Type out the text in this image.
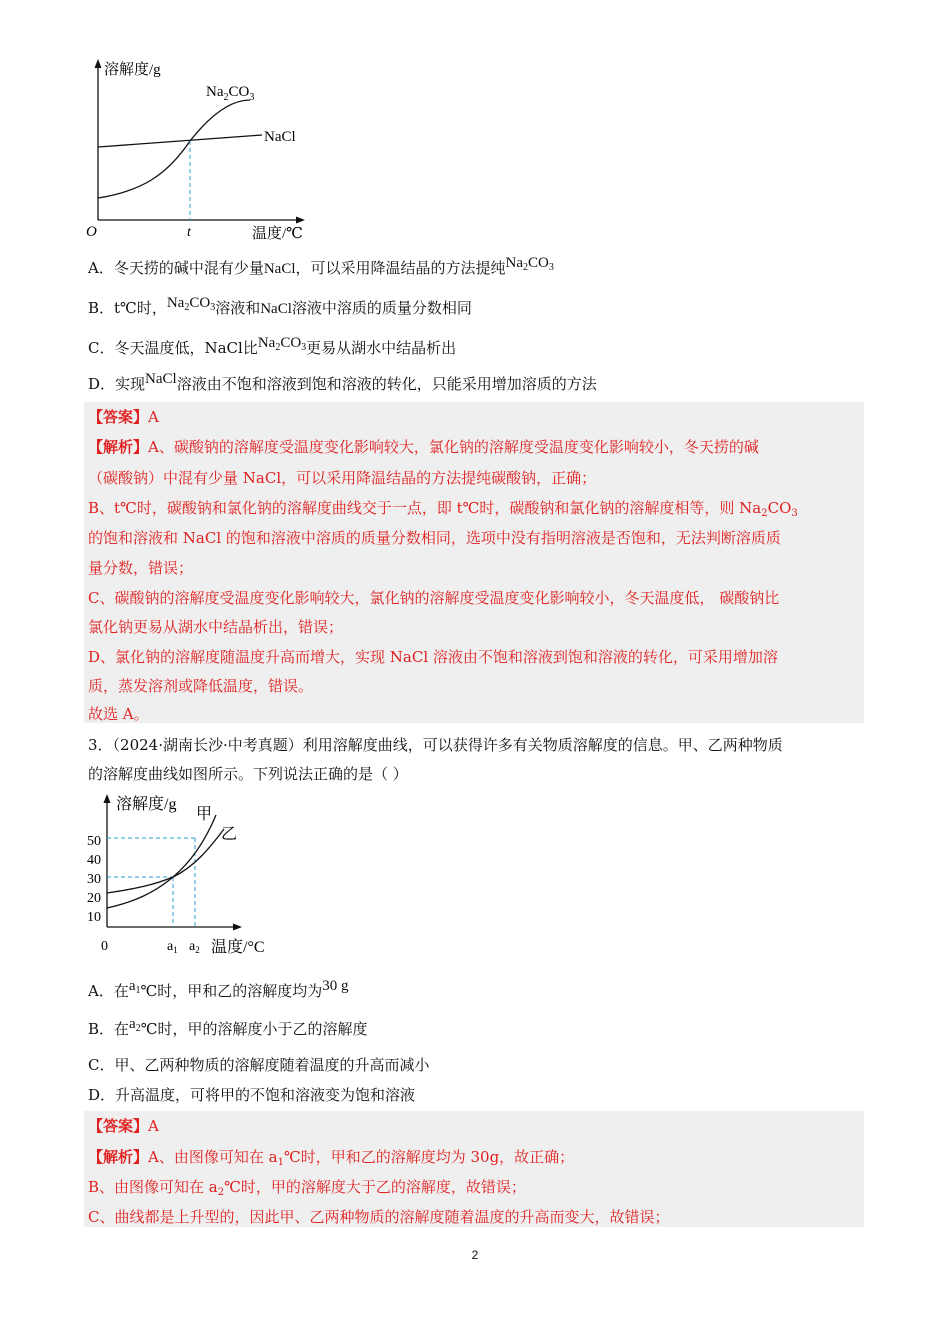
溶解度/g
O	t	温度/℃
$Na_2CO_3$
NaCl
A．冬天捞的碱中混有少量NaCl，可以采用降温结晶的方法提纯$Na_2CO_3$
B．t℃时，$Na_2CO_3$溶液和NaCl溶液中溶质的质量分数相同
C．冬天温度低，NaCl比$Na_2CO_3$更易从湖水中结晶析出
D．实现NaCl溶液由不饱和溶液到饱和溶液的转化，只能采用增加溶质的方法
【答案】A
【解析】A、碳酸钠的溶解度受温度变化影响较大，氯化钠的溶解度受温度变化影响较小，冬天捞的碱
（碳酸钠）中混有少量 NaCl，可以采用降温结晶的方法提纯碳酸钠，正确；
B、t℃时，碳酸钠和氯化钠的溶解度曲线交于一点，即 t℃时，碳酸钠和氯化钠的溶解度相等，则 $Na_2CO_3$
的饱和溶液和 NaCl 的饱和溶液中溶质的质量分数相同，选项中没有指明溶液是否饱和，无法判断溶质质
量分数，错误；
C、碳酸钠的溶解度受温度变化影响较大，氯化钠的溶解度受温度变化影响较小，冬天温度低， 碳酸钠比
氯化钠更易从湖水中结晶析出，错误；
D、氯化钠的溶解度随温度升高而增大，实现 NaCl 溶液由不饱和溶液到饱和溶液的转化，可采用增加溶
质，蒸发溶剂或降低温度，错误。
故选 A。
3．（2024·湖南长沙·中考真题）利用溶解度曲线，可以获得许多有关物质溶解度的信息。甲、乙两种物质
的溶解度曲线如图所示。下列说法正确的是（ ）
溶解度/g
50
40
30
20
10
0	$a_1$ $a_2$ 温度/°C
甲
乙
A．在$a_1℃$时，甲和乙的溶解度均为30 g
B．在$a_2℃$时，甲的溶解度小于乙的溶解度
C．甲、乙两种物质的溶解度随着温度的升高而减小
D．升高温度，可将甲的不饱和溶液变为饱和溶液
【答案】A
【解析】A、由图像可知在 $a_1℃$时，甲和乙的溶解度均为 30g，故正确；
B、由图像可知在 $a_2℃$时，甲的溶解度大于乙的溶解度，故错误；
C、曲线都是上升型的，因此甲、乙两种物质的溶解度随着温度的升高而变大，故错误；
2
